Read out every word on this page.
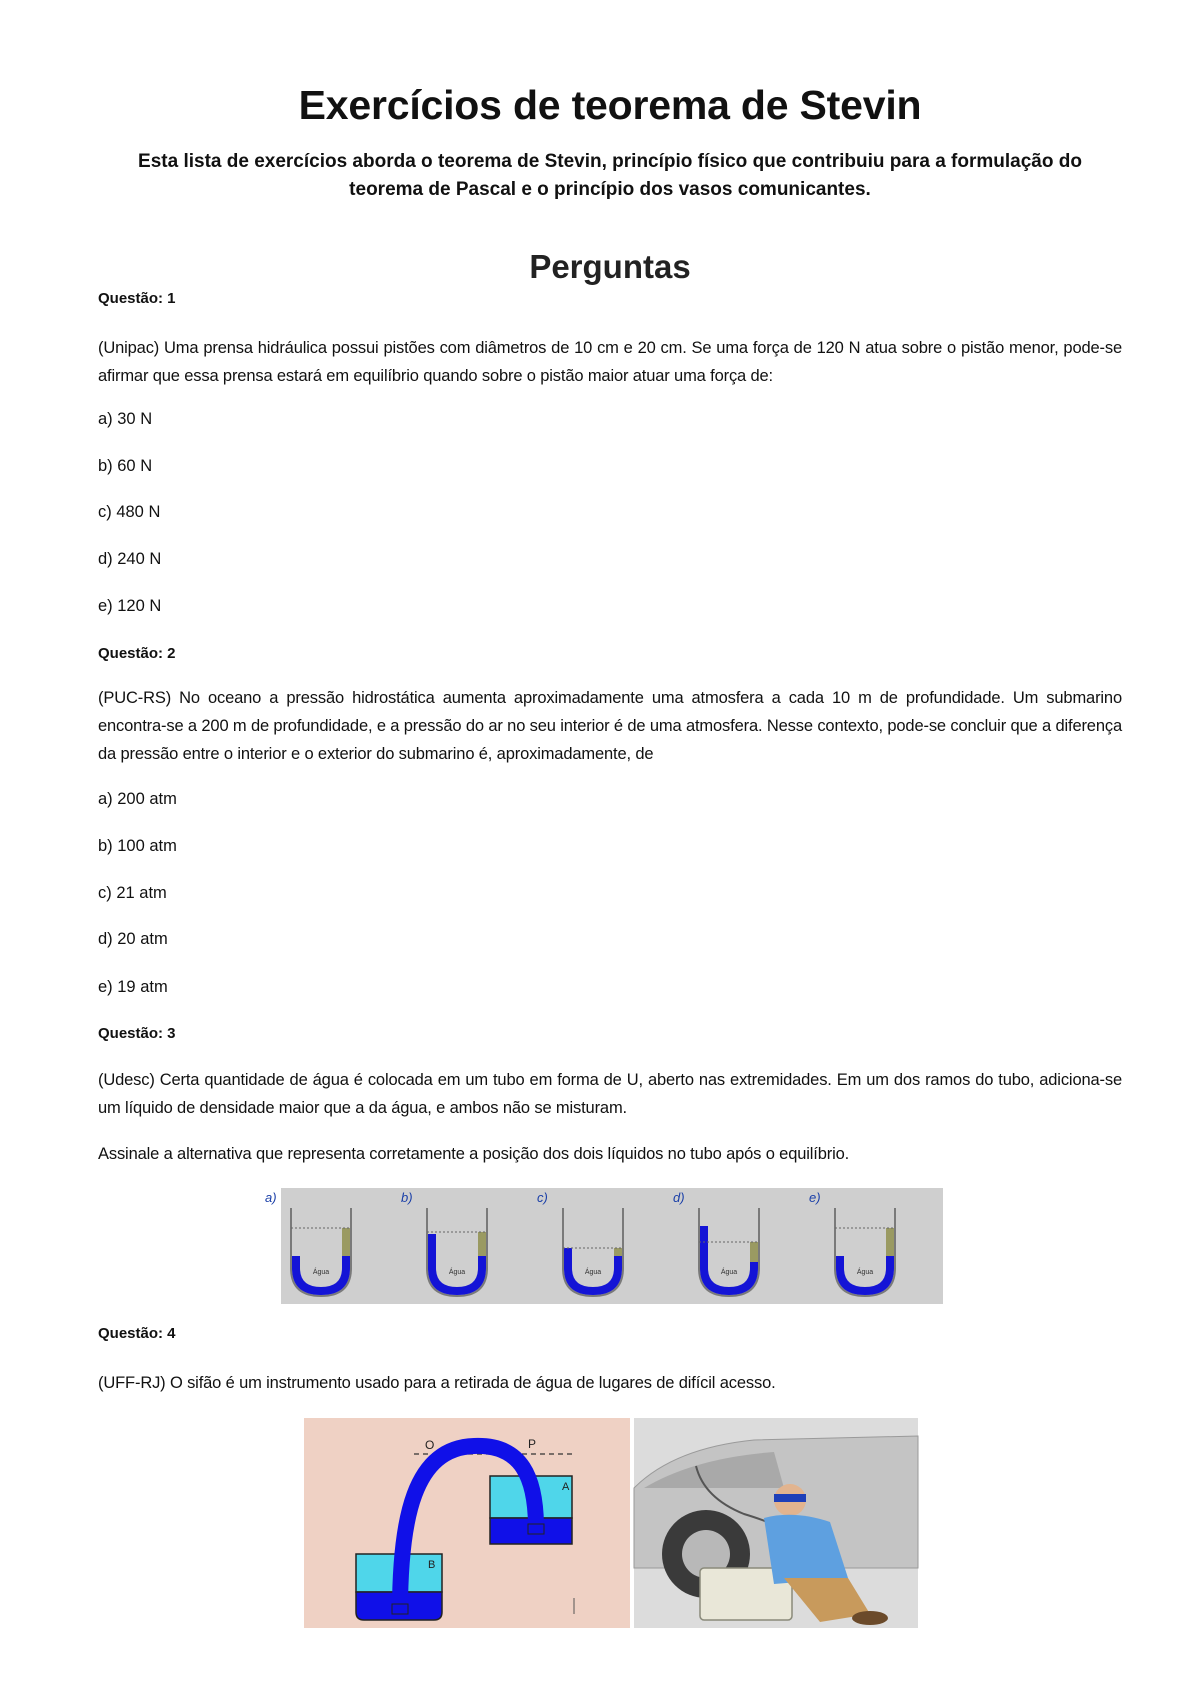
Exercícios de teorema de Stevin

Esta lista de exercícios aborda o teorema de Stevin, princípio físico que contribuiu para a formulação do teorema de Pascal e o princípio dos vasos comunicantes.

Perguntas

Questão: 1

(Unipac) Uma prensa hidráulica possui pistões com diâmetros de 10 cm e 20 cm. Se uma força de 120 N atua sobre o pistão menor, pode-se afirmar que essa prensa estará em equilíbrio quando sobre o pistão maior atuar uma força de:

a) 30 N

b) 60 N

c) 480 N

d) 240 N

e) 120 N

Questão: 2

(PUC-RS) No oceano a pressão hidrostática aumenta aproximadamente uma atmosfera a cada 10 m de profundidade. Um submarino encontra-se a 200 m de profundidade, e a pressão do ar no seu interior é de uma atmosfera. Nesse contexto, pode-se concluir que a diferença da pressão entre o interior e o exterior do submarino é, aproximadamente, de

a) 200 atm

b) 100 atm

c) 21 atm

d) 20 atm

e) 19 atm

Questão: 3

(Udesc) Certa quantidade de água é colocada em um tubo em forma de U, aberto nas extremidades. Em um dos ramos do tubo, adiciona-se um líquido de densidade maior que a da água, e ambos não se misturam.

Assinale a alternativa que representa corretamente a posição dos dois líquidos no tubo após o equilíbrio.

a)
Água
b)
Água
c)
Água
d)
Água
e)
Água

Questão: 4

(UFF-RJ) O sifão é um instrumento usado para a retirada de água de lugares de difícil acesso.

O	P
A
B
